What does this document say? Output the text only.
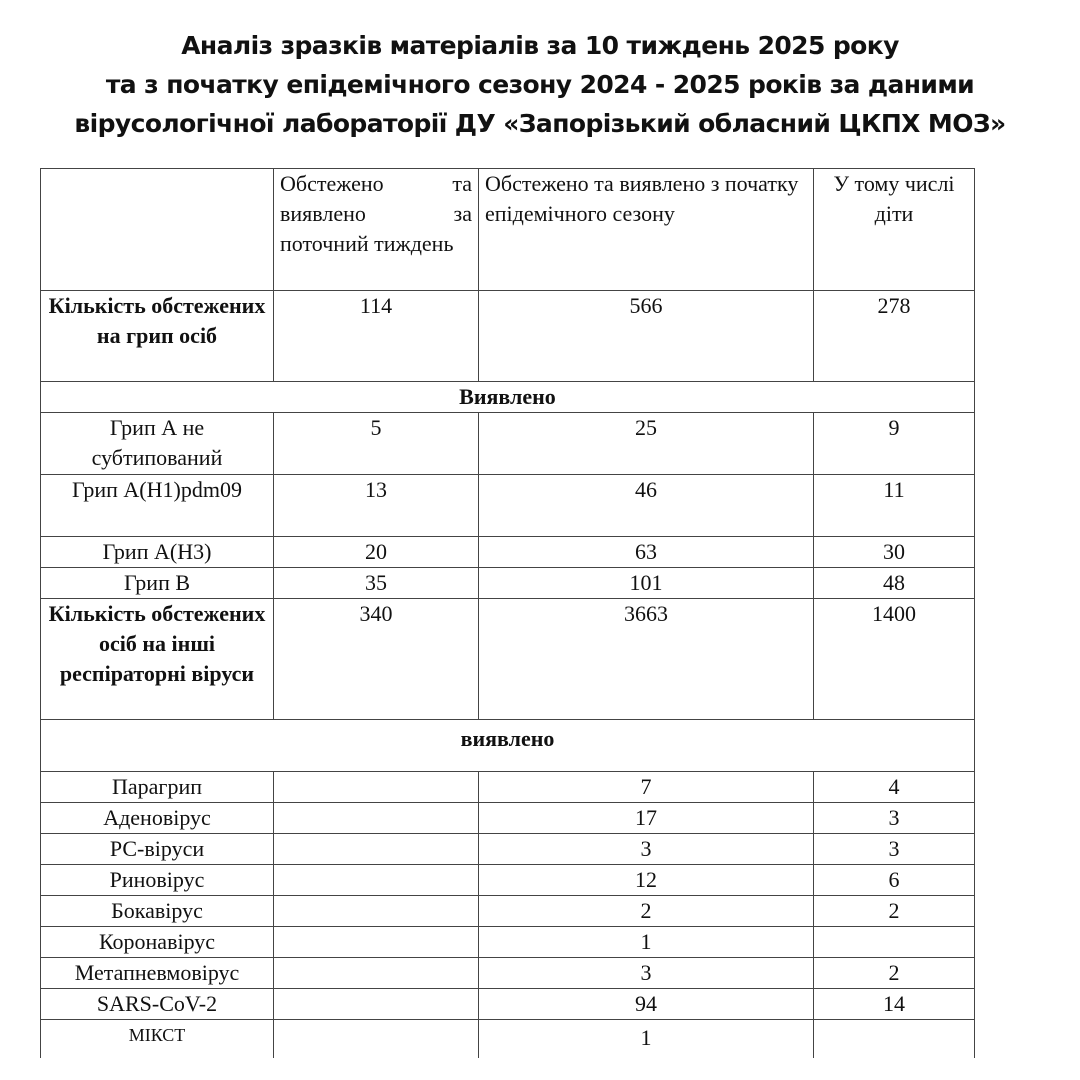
Аналіз зразків матеріалів за 10 тиждень 2025 року
та з початку епідемічного сезону 2024 - 2025 років за даними
вірусологічної лабораторії ДУ «Запорізький обласний ЦКПХ МОЗ»
	Обстежено та виявлено за поточний тиждень	Обстежено та виявлено з початку епідемічного сезону	У тому числі діти
Кількість обстежених на грип осіб	114	566	278
Виявлено			
Грип А не субтипований	5	25	9
Грип A(H1)pdm09	13	46	11
Грип А(H3)	20	63	30
Грип В	35	101	48
Кількість обстежених осіб на інші респіраторні віруси	340	3663	1400
виявлено			
Парагрип		7	4
Аденовірус		17	3
РС-віруси		3	3
Риновірус		12	6
Бокавірус		2	2
Коронавірус		1	
Метапневмовірус		3	2
SARS-CoV-2		94	14
МІКСТ		1	
